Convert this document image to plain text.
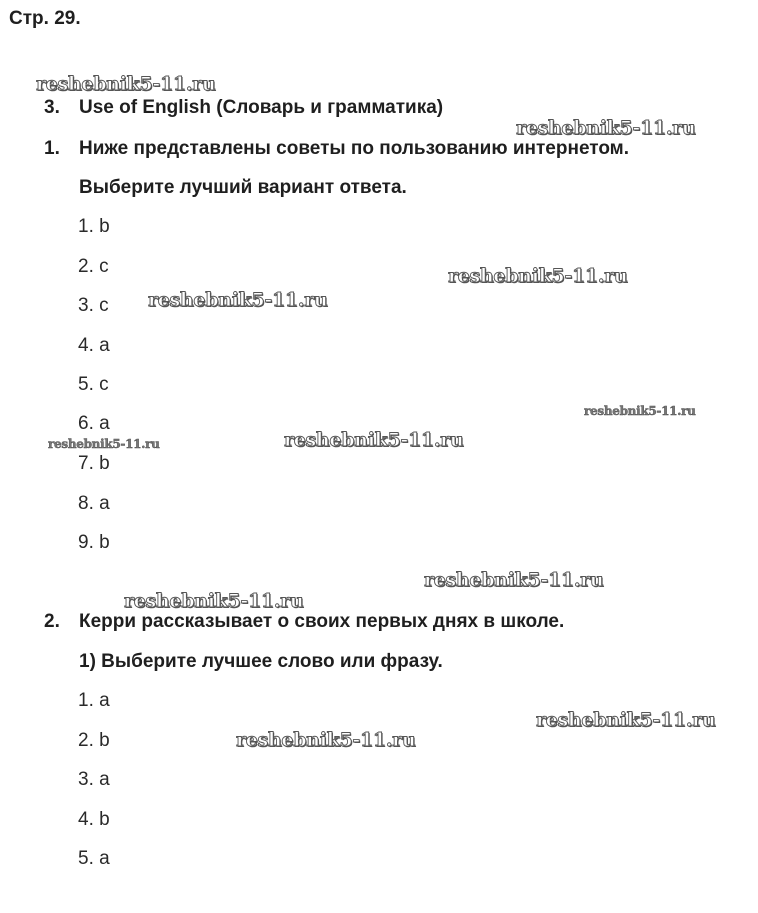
Стр. 29.
3. Use of English (Словарь и грамматика)
1. Ниже представлены советы по пользованию интернетом.
Выберите лучший вариант ответа.
1. b
2. c
3. c
4. a
5. c
6. a
7. b
8. a
9. b
2. Керри рассказывает о своих первых днях в школе.
1) Выберите лучшее слово или фразу.
1. a
2. b
3. a
4. b
5. a
reshebnik5-11.ru
reshebnik5-11.ru
reshebnik5-11.ru
reshebnik5-11.ru
reshebnik5-11.ru
reshebnik5-11.ru	reshebnik5-11.ru
reshebnik5-11.ru
reshebnik5-11.ru
reshebnik5-11.ru
reshebnik5-11.ru
